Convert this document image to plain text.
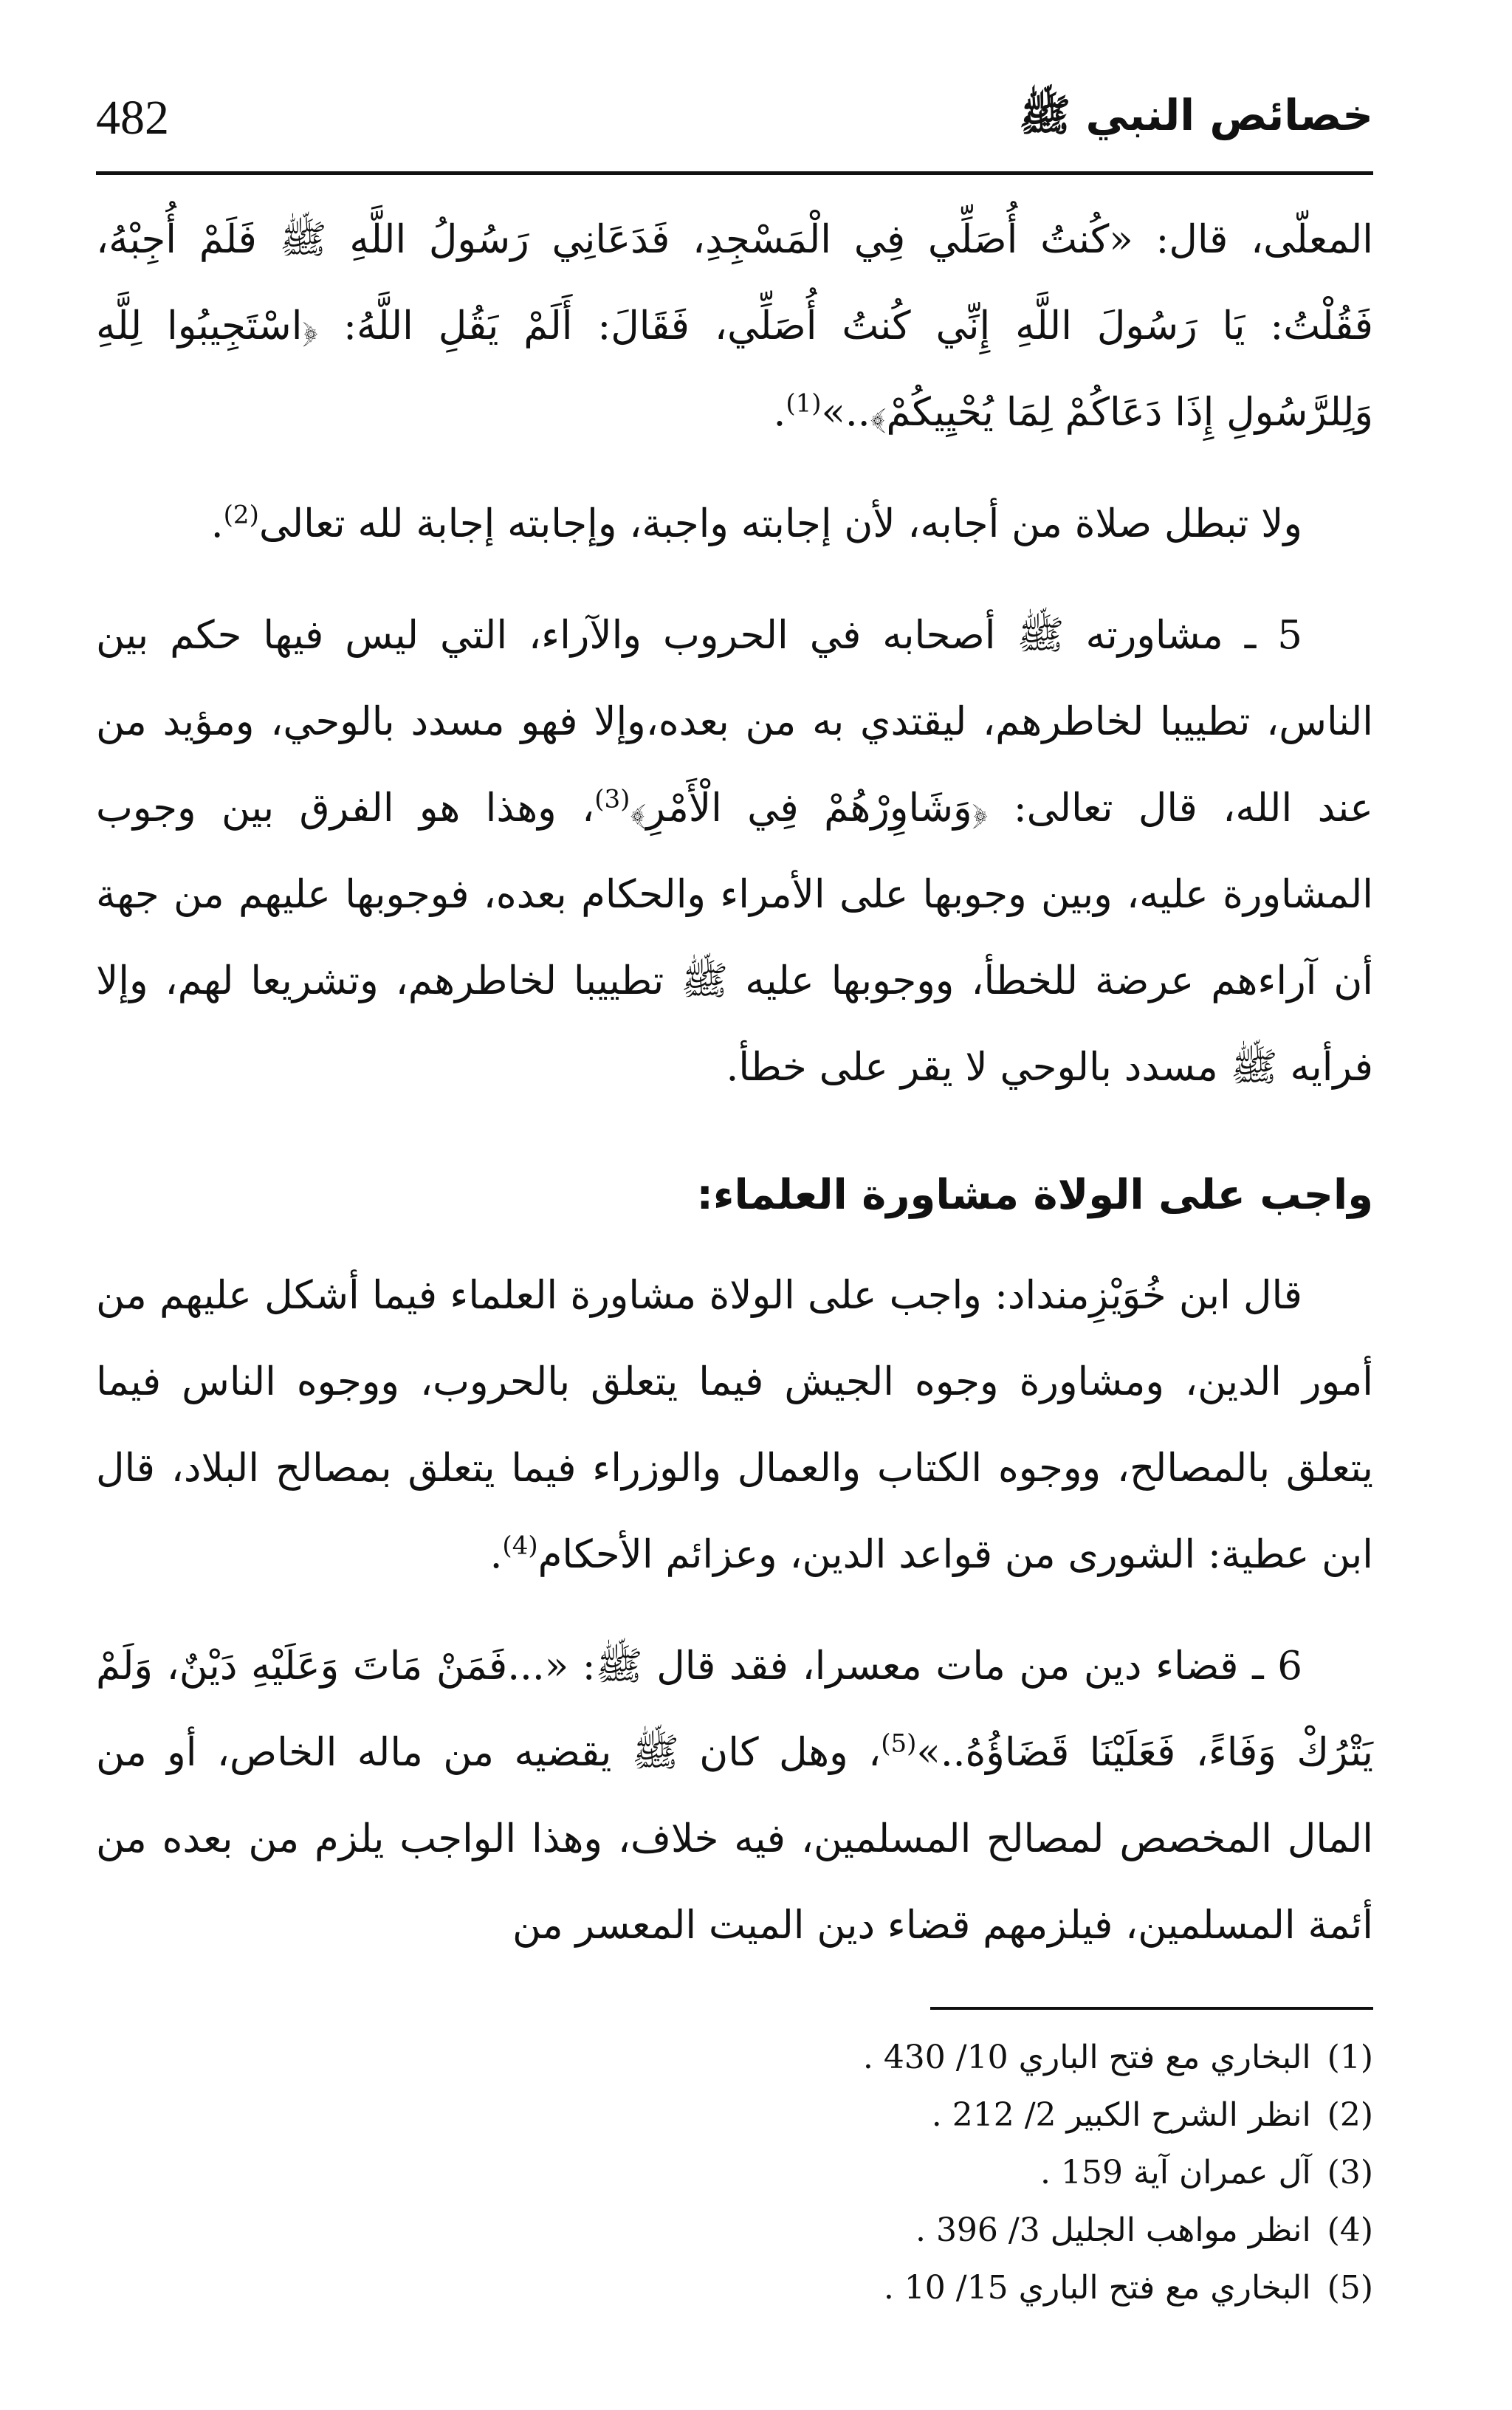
خصائص النبي ﷺ
482

المعلّى، قال: «كُنتُ أُصَلِّي فِي الْمَسْجِدِ، فَدَعَانِي رَسُولُ اللَّهِ ﷺ فَلَمْ أُجِبْهُ، فَقُلْتُ: يَا رَسُولَ اللَّهِ إِنِّي كُنتُ أُصَلِّي، فَقَالَ: أَلَمْ يَقُلِ اللَّهُ: ﴿اسْتَجِيبُوا لِلَّهِ وَلِلرَّسُولِ إِذَا دَعَاكُمْ لِمَا يُحْيِيكُمْ﴾..»$^{(1)}$.

ولا تبطل صلاة من أجابه، لأن إجابته واجبة، وإجابته إجابة لله تعالى$^{(2)}$.

5 ـ مشاورته ﷺ أصحابه في الحروب والآراء، التي ليس فيها حكم بين الناس، تطييبا لخاطرهم، ليقتدي به من بعده،وإلا فهو مسدد بالوحي، ومؤيد من عند الله، قال تعالى: ﴿وَشَاوِرْهُمْ فِي الْأَمْرِ﴾$^{(3)}$، وهذا هو الفرق بين وجوب المشاورة عليه، وبين وجوبها على الأمراء والحكام بعده، فوجوبها عليهم من جهة أن آراءهم عرضة للخطأ، ووجوبها عليه ﷺ تطييبا لخاطرهم، وتشريعا لهم، وإلا فرأيه ﷺ مسدد بالوحي لا يقر على خطأ.

واجب على الولاة مشاورة العلماء:

قال ابن خُوَيْزِمنداد: واجب على الولاة مشاورة العلماء فيما أشكل عليهم من أمور الدين، ومشاورة وجوه الجيش فيما يتعلق بالحروب، ووجوه الناس فيما يتعلق بالمصالح، ووجوه الكتاب والعمال والوزراء فيما يتعلق بمصالح البلاد، قال ابن عطية: الشورى من قواعد الدين، وعزائم الأحكام$^{(4)}$.

6 ـ قضاء دين من مات معسرا، فقد قال ﷺ: «...فَمَنْ مَاتَ وَعَلَيْهِ دَيْنٌ، وَلَمْ يَتْرُكْ وَفَاءً، فَعَلَيْنَا قَضَاؤُهُ..»$^{(5)}$، وهل كان ﷺ يقضيه من ماله الخاص، أو من المال المخصص لمصالح المسلمين، فيه خلاف، وهذا الواجب يلزم من بعده من أئمة المسلمين، فيلزمهم قضاء دين الميت المعسر من

(1)
البخاري مع فتح الباري 10/ 430 .
(2)
انظر الشرح الكبير 2/ 212 .
(3)
آل عمران آية 159 .
(4)
انظر مواهب الجليل 3/ 396 .
(5)
البخاري مع فتح الباري 15/ 10 .
